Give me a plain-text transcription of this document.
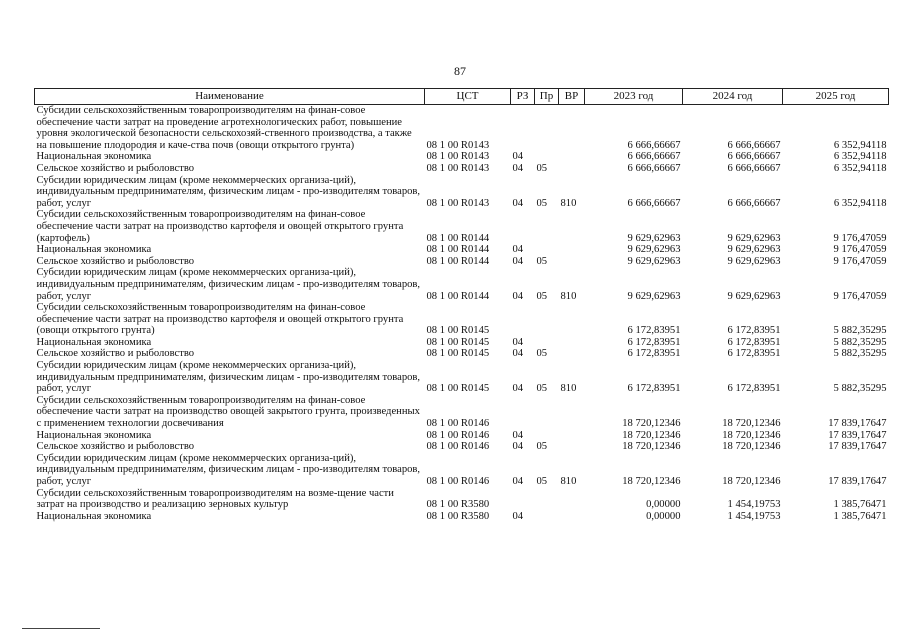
87
Наименование	ЦСТ	РЗ	Пр	ВР	2023 год	2024 год	2025 год
Субсидии сельскохозяйственным товаропроизводителям на финан-совое обеспечение части затрат на проведение агротехнологических работ, повышение уровня экологической безопасности сельскохозяй-ственного производства, а также на повышение плодородия и каче-ства почв (овощи открытого грунта)	08 1 00 R0143				6 666,66667	6 666,66667	6 352,94118
Национальная экономика	08 1 00 R0143	04			6 666,66667	6 666,66667	6 352,94118
Сельское хозяйство и рыболовство	08 1 00 R0143	04	05		6 666,66667	6 666,66667	6 352,94118
Субсидии юридическим лицам (кроме некоммерческих организа-ций), индивидуальным предпринимателям, физическим лицам - про-изводителям товаров, работ, услуг	08 1 00 R0143	04	05	810	6 666,66667	6 666,66667	6 352,94118
Субсидии сельскохозяйственным товаропроизводителям на финан-совое обеспечение части затрат на производство картофеля и овощей открытого грунта (картофель)	08 1 00 R0144				9 629,62963	9 629,62963	9 176,47059
Национальная экономика	08 1 00 R0144	04			9 629,62963	9 629,62963	9 176,47059
Сельское хозяйство и рыболовство	08 1 00 R0144	04	05		9 629,62963	9 629,62963	9 176,47059
Субсидии юридическим лицам (кроме некоммерческих организа-ций), индивидуальным предпринимателям, физическим лицам - про-изводителям товаров, работ, услуг	08 1 00 R0144	04	05	810	9 629,62963	9 629,62963	9 176,47059
Субсидии сельскохозяйственным товаропроизводителям на финан-совое обеспечение части затрат на производство картофеля и овощей открытого грунта (овощи открытого грунта)	08 1 00 R0145				6 172,83951	6 172,83951	5 882,35295
Национальная экономика	08 1 00 R0145	04			6 172,83951	6 172,83951	5 882,35295
Сельское хозяйство и рыболовство	08 1 00 R0145	04	05		6 172,83951	6 172,83951	5 882,35295
Субсидии юридическим лицам (кроме некоммерческих организа-ций), индивидуальным предпринимателям, физическим лицам - про-изводителям товаров, работ, услуг	08 1 00 R0145	04	05	810	6 172,83951	6 172,83951	5 882,35295
Субсидии сельскохозяйственным товаропроизводителям на финан-совое обеспечение части затрат на производство овощей закрытого грунта, произведенных с применением технологии досвечивания	08 1 00 R0146				18 720,12346	18 720,12346	17 839,17647
Национальная экономика	08 1 00 R0146	04			18 720,12346	18 720,12346	17 839,17647
Сельское хозяйство и рыболовство	08 1 00 R0146	04	05		18 720,12346	18 720,12346	17 839,17647
Субсидии юридическим лицам (кроме некоммерческих организа-ций), индивидуальным предпринимателям, физическим лицам - про-изводителям товаров, работ, услуг	08 1 00 R0146	04	05	810	18 720,12346	18 720,12346	17 839,17647
Субсидии сельскохозяйственным товаропроизводителям на возме-щение части затрат на производство и реализацию зерновых культур	08 1 00 R3580				0,00000	1 454,19753	1 385,76471
Национальная экономика	08 1 00 R3580	04			0,00000	1 454,19753	1 385,76471
